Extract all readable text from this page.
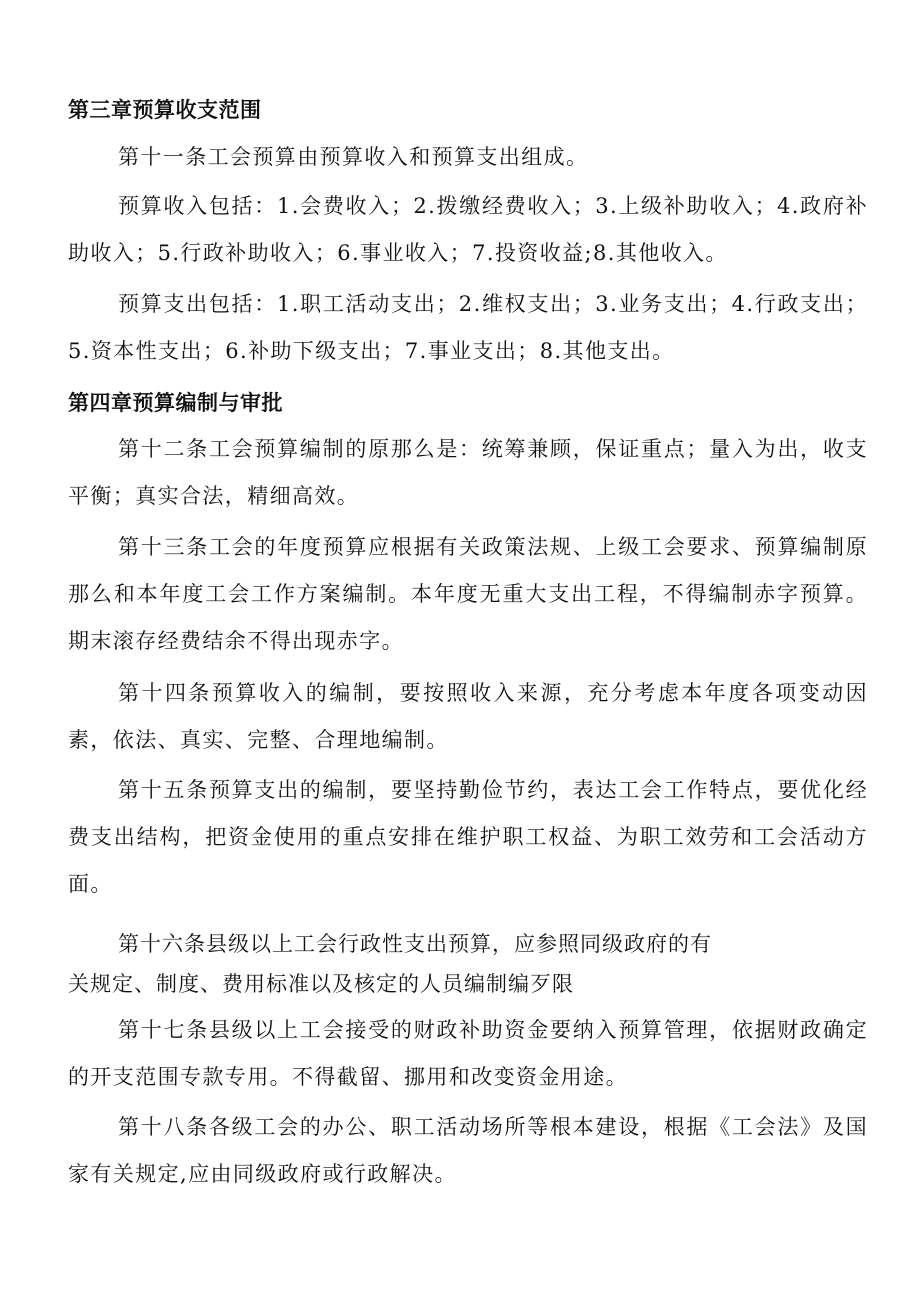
第三章预算收支范围

第十一条工会预算由预算收入和预算支出组成。

预算收入包括：1.会费收入；2.拨缴经费收入；3.上级补助收入；4.政府补助收入；5.行政补助收入；6.事业收入；7.投资收益;8.其他收入。

预算支出包括：1.职工活动支出；2.维权支出；3.业务支出；4.行政支出；5.资本性支出；6.补助下级支出；7.事业支出；8.其他支出。

第四章预算编制与审批

第十二条工会预算编制的原那么是：统筹兼顾，保证重点；量入为出，收支平衡；真实合法，精细高效。

第十三条工会的年度预算应根据有关政策法规、上级工会要求、预算编制原那么和本年度工会工作方案编制。本年度无重大支出工程，不得编制赤字预算。期末滚存经费结余不得出现赤字。

第十四条预算收入的编制，要按照收入来源，充分考虑本年度各项变动因素，依法、真实、完整、合理地编制。

第十五条预算支出的编制，要坚持勤俭节约，表达工会工作特点，要优化经费支出结构，把资金使用的重点安排在维护职工权益、为职工效劳和工会活动方面。

第十六条县级以上工会行政性支出预算，应参照同级政府的有
关规定、制度、费用标准以及核定的人员编制编歹限

第十七条县级以上工会接受的财政补助资金要纳入预算管理，依据财政确定的开支范围专款专用。不得截留、挪用和改变资金用途。

第十八条各级工会的办公、职工活动场所等根本建设，根据《工会法》及国家有关规定,应由同级政府或行政解决。
